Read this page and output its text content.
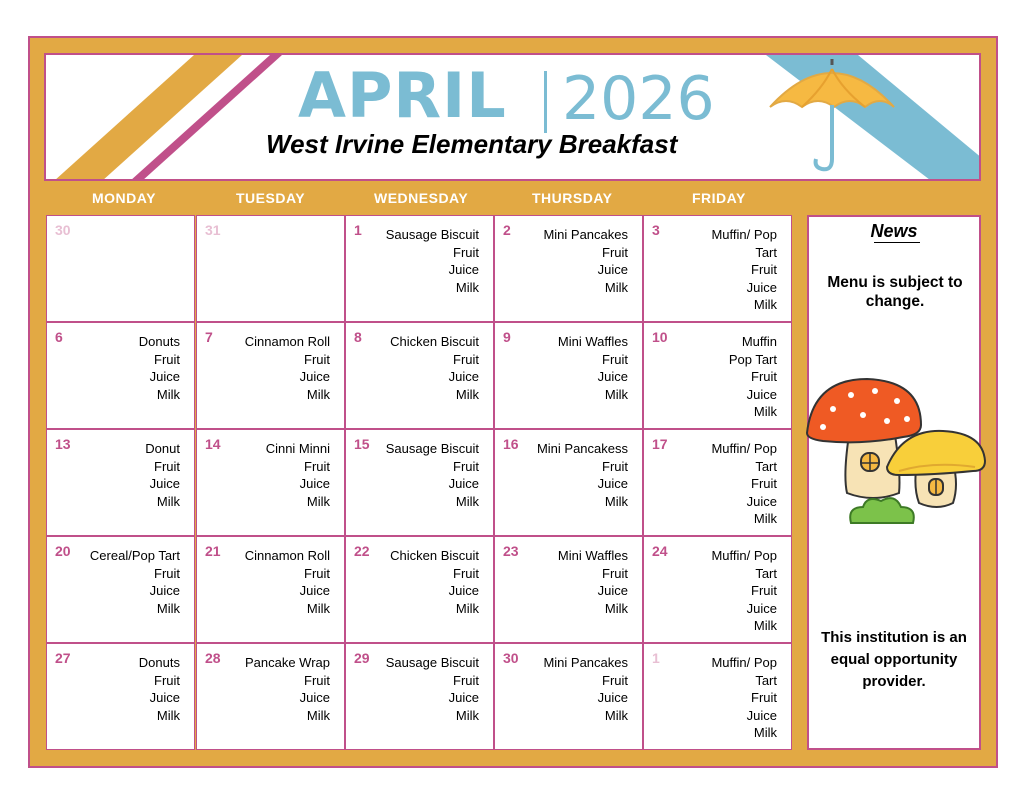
APRIL 2026
West Irvine Elementary Breakfast
MONDAY	TUESDAY	WEDNESDAY	THURSDAY	FRIDAY
30	31	1 Sausage Biscuit
Fruit
Juice
Milk
2	Mini Pancakes
Fruit
Juice
Milk
3	Muffin/ Pop
Tart
Fruit
Juice
Milk
6	Donuts
Fruit
Juice
Milk
7 Cinnamon Roll
Fruit
Juice
Milk
8 Chicken Biscuit
Fruit
Juice
Milk
9	Mini Waffles
Fruit
Juice
Milk
10	Muffin
Pop Tart
Fruit
Juice
Milk
13	Donut
Fruit
Juice
Milk
14	Cinni Minni
Fruit
Juice
Milk
15 Sausage Biscuit
Fruit
Juice
Milk
16 Mini Pancakess
Fruit
Juice
Milk
17	Muffin/ Pop
Tart
Fruit
Juice
Milk
20 Cereal/Pop Tart
Fruit
Juice
Milk
21 Cinnamon Roll
Fruit
Juice
Milk
22 Chicken Biscuit
Fruit
Juice
Milk
23	Mini Waffles
Fruit
Juice
Milk
24	Muffin/ Pop
Tart
Fruit
Juice
Milk
27	Donuts
Fruit
Juice
Milk
28 Pancake Wrap
Fruit
Juice
Milk
29 Sausage Biscuit
Fruit
Juice
Milk
30 Mini Pancakes
Fruit
Juice
Milk
1	Muffin/ Pop
Tart
Fruit
Juice
Milk
News
Menu is subject to change.
This institution is an equal opportunity provider.
